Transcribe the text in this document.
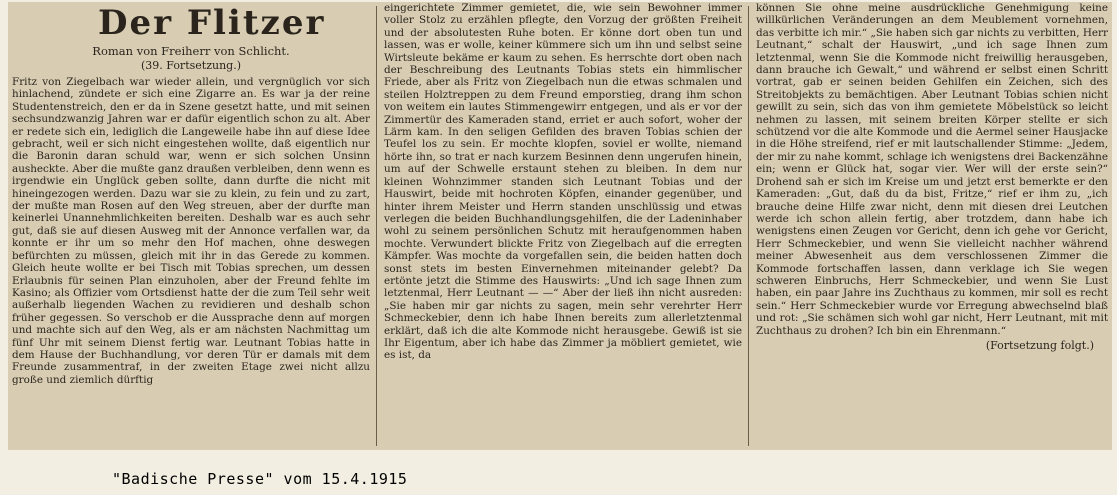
Der Flitzer
Roman von Freiherr von Schlicht.
(39. Fortsetzung.)

Fritz von Ziegelbach war wieder allein, und vergnüglich vor sich hinlachend, zündete er sich eine Zigarre an. Es war ja der reine Studentenstreich, den er da in Szene gesetzt hatte, und mit seinen sechsundzwanzig Jahren war er dafür eigentlich schon zu alt. Aber er redete sich ein, lediglich die Langeweile habe ihn auf diese Idee gebracht, weil er sich nicht eingestehen wollte, daß eigentlich nur die Baronin daran schuld war, wenn er sich solchen Unsinn ausheckte. Aber die mußte ganz draußen verbleiben, denn wenn es irgendwie ein Unglück geben sollte, dann durfte die nicht mit hineingezogen werden. Dazu war sie zu klein, zu fein und zu zart, der mußte man Rosen auf den Weg streuen, aber der durfte man keinerlei Unannehmlichkeiten bereiten. Deshalb war es auch sehr gut, daß sie auf diesen Ausweg mit der Annonce verfallen war, da konnte er ihr um so mehr den Hof machen, ohne deswegen befürchten zu müssen, gleich mit ihr in das Gerede zu kommen. Gleich heute wollte er bei Tisch mit Tobias sprechen, um dessen Erlaubnis für seinen Plan einzuholen, aber der Freund fehlte im Kasino; als Offizier vom Ortsdienst hatte der die zum Teil sehr weit außerhalb liegenden Wachen zu revidieren und deshalb schon früher gegessen. So verschob er die Aussprache denn auf morgen und machte sich auf den Weg, als er am nächsten Nachmittag um fünf Uhr mit seinem Dienst fertig war. Leutnant Tobias hatte in dem Hause der Buchhandlung, vor deren Tür er damals mit dem Freunde zusammentraf, in der zweiten Etage zwei nicht allzu große und ziemlich dürftig

eingerichtete Zimmer gemietet, die, wie sein Bewohner immer voller Stolz zu erzählen pflegte, den Vorzug der größten Freiheit und der absolutesten Ruhe boten. Er könne dort oben tun und lassen, was er wolle, keiner kümmere sich um ihn und selbst seine Wirtsleute bekäme er kaum zu sehen. Es herrschte dort oben nach der Beschreibung des Leutnants Tobias stets ein himmlischer Friede, aber als Fritz von Ziegelbach nun die etwas schmalen und steilen Holztreppen zu dem Freund emporstieg, drang ihm schon von weitem ein lautes Stimmengewirr entgegen, und als er vor der Zimmertür des Kameraden stand, erriet er auch sofort, woher der Lärm kam. In den seligen Gefilden des braven Tobias schien der Teufel los zu sein. Er mochte klopfen, soviel er wollte, niemand hörte ihn, so trat er nach kurzem Besinnen denn ungerufen hinein, um auf der Schwelle erstaunt stehen zu bleiben. In dem nur kleinen Wohnzimmer standen sich Leutnant Tobias und der Hauswirt, beide mit hochroten Köpfen, einander gegenüber, und hinter ihrem Meister und Herrn standen unschlüssig und etwas verlegen die beiden Buchhandlungsgehilfen, die der Ladeninhaber wohl zu seinem persönlichen Schutz mit heraufgenommen haben mochte. Verwundert blickte Fritz von Ziegelbach auf die erregten Kämpfer. Was mochte da vorgefallen sein, die beiden hatten doch sonst stets im besten Einvernehmen miteinander gelebt? Da ertönte jetzt die Stimme des Hauswirts: „Und ich sage Ihnen zum letztenmal, Herr Leutnant — —“ Aber der ließ ihn nicht ausreden: „Sie haben mir gar nichts zu sagen, mein sehr verehrter Herr Schmeckebier, denn ich habe Ihnen bereits zum allerletztenmal erklärt, daß ich die alte Kommode nicht herausgebe. Gewiß ist sie Ihr Eigentum, aber ich habe das Zimmer ja möbliert gemietet, wie es ist, da

können Sie ohne meine ausdrückliche Genehmigung keine willkürlichen Veränderungen an dem Meublement vornehmen, das verbitte ich mir.“ „Sie haben sich gar nichts zu verbitten, Herr Leutnant,“ schalt der Hauswirt, „und ich sage Ihnen zum letztenmal, wenn Sie die Kommode nicht freiwillig herausgeben, dann brauche ich Gewalt,“ und während er selbst einen Schritt vortrat, gab er seinen beiden Gehilfen ein Zeichen, sich des Streitobjekts zu bemächtigen. Aber Leutnant Tobias schien nicht gewillt zu sein, sich das von ihm gemietete Möbelstück so leicht nehmen zu lassen, mit seinem breiten Körper stellte er sich schützend vor die alte Kommode und die Aermel seiner Hausjacke in die Höhe streifend, rief er mit lautschallender Stimme: „Jedem, der mir zu nahe kommt, schlage ich wenigstens drei Backenzähne ein; wenn er Glück hat, sogar vier. Wer will der erste sein?“ Drohend sah er sich im Kreise um und jetzt erst bemerkte er den Kameraden: „Gut, daß du da bist, Fritze,“ rief er ihm zu, „ich brauche deine Hilfe zwar nicht, denn mit diesen drei Leutchen werde ich schon allein fertig, aber trotzdem, dann habe ich wenigstens einen Zeugen vor Gericht, denn ich gehe vor Gericht, Herr Schmeckebier, und wenn Sie vielleicht nachher während meiner Abwesenheit aus dem verschlossenen Zimmer die Kommode fortschaffen lassen, dann verklage ich Sie wegen schweren Einbruchs, Herr Schmeckebier, und wenn Sie Lust haben, ein paar Jahre ins Zuchthaus zu kommen, mir soll es recht sein.“ Herr Schmeckebier wurde vor Erregung abwechselnd blaß und rot: „Sie schämen sich wohl gar nicht, Herr Leutnant, mit mit Zuchthaus zu drohen? Ich bin ein Ehrenmann.“

(Fortsetzung folgt.)
"Badische Presse" vom 15.4.1915
